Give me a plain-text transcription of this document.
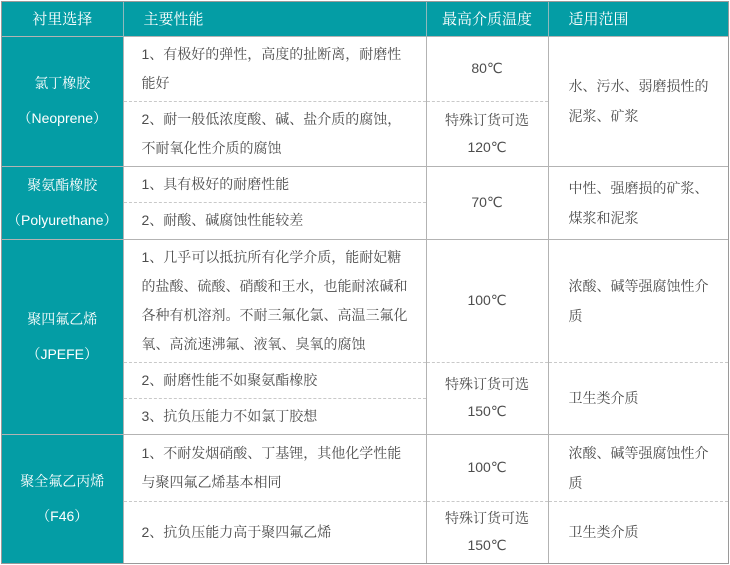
衬里选择	主要性能	最高介质温度	适用范围

氯丁橡胶
（Neoprene）	1、有极好的弹性，高度的扯断离，耐磨性能好	80℃	水、污水、弱磨损性的泥浆、矿浆
	2、耐一般低浓度酸、碱、盐介质的腐蚀，不耐氧化性介质的腐蚀	特殊订货可选
120℃	

聚氨酯橡胶
（Polyurethane）	1、具有极好的耐磨性能	70℃	中性、强磨损的矿浆、煤浆和泥浆
	2、耐酸、碱腐蚀性能较差		

聚四氟乙烯
（JPEFE）	1、几乎可以抵抗所有化学介质，能耐妃糖的盐酸、硫酸、硝酸和王水，也能耐浓碱和各种有机溶剂。不耐三氟化氯、高温三氟化氧、高流速沸氟、液氧、臭氧的腐蚀	100℃	浓酸、碱等强腐蚀性介质
	2、耐磨性能不如聚氨酯橡胶	特殊订货可选
150℃	卫生类介质
	3、抗负压能力不如氯丁胶想		

聚全氟乙丙烯
（F46）	1、不耐发烟硝酸、丁基锂，其他化学性能与聚四氟乙烯基本相同	100℃	浓酸、碱等强腐蚀性介质
	2、抗负压能力高于聚四氟乙烯	特殊订货可选
150℃	卫生类介质
